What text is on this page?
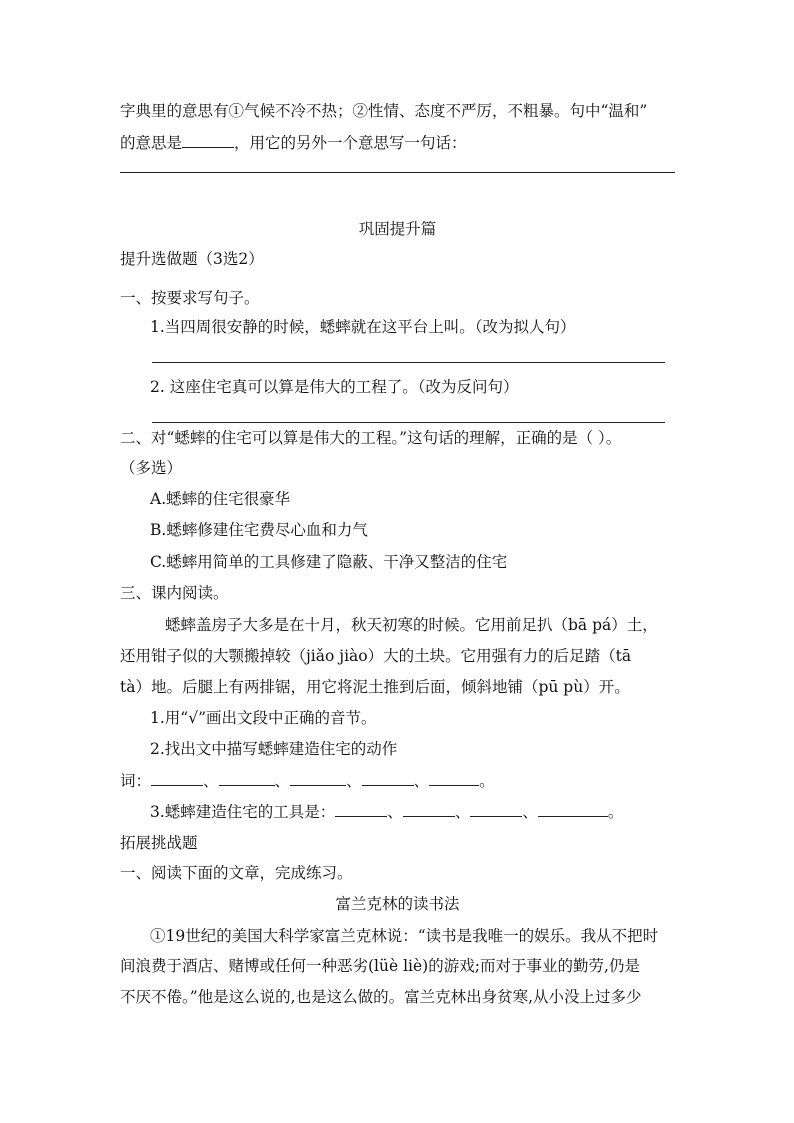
字典里的意思有①气候不冷不热；②性情、态度不严厉，不粗暴。句中“温和”
的意思是	，用它的另外一个意思写一句话：
巩固提升篇
提升选做题（3选2）
一、按要求写句子。
1.当四周很安静的时候，蟋蟀就在这平台上叫。（改为拟人句）
2. 这座住宅真可以算是伟大的工程了。（改为反问句）
二、对“蟋蟀的住宅可以算是伟大的工程。”这句话的理解，正确的是（ ）。
（多选）
A.蟋蟀的住宅很豪华
B.蟋蟀修建住宅费尽心血和力气
C.蟋蟀用简单的工具修建了隐蔽、干净又整洁的住宅
三、课内阅读。
蟋蟀盖房子大多是在十月，秋天初寒的时候。它用前足扒（bā pá）土，
还用钳子似的大颚搬掉较（jiǎo jiào）大的土块。它用强有力的后足踏（tā
tà）地。后腿上有两排锯，用它将泥土推到后面，倾斜地铺（pū pù）开。
1.用“√”画出文段中正确的音节。
2.找出文中描写蟋蟀建造住宅的动作
词：	、	、	、	、	。
3.蟋蟀建造住宅的工具是：	、	、	、	。
拓展挑战题
一、阅读下面的文章，完成练习。
富兰克林的读书法
①19世纪的美国大科学家富兰克林说：“读书是我唯一的娱乐。我从不把时
间浪费于酒店、赌博或任何一种恶劣(lüè liè)的游戏;而对于事业的勤劳,仍是
不厌不倦。”他是这么说的,也是这么做的。富兰克林出身贫寒,从小没上过多少
